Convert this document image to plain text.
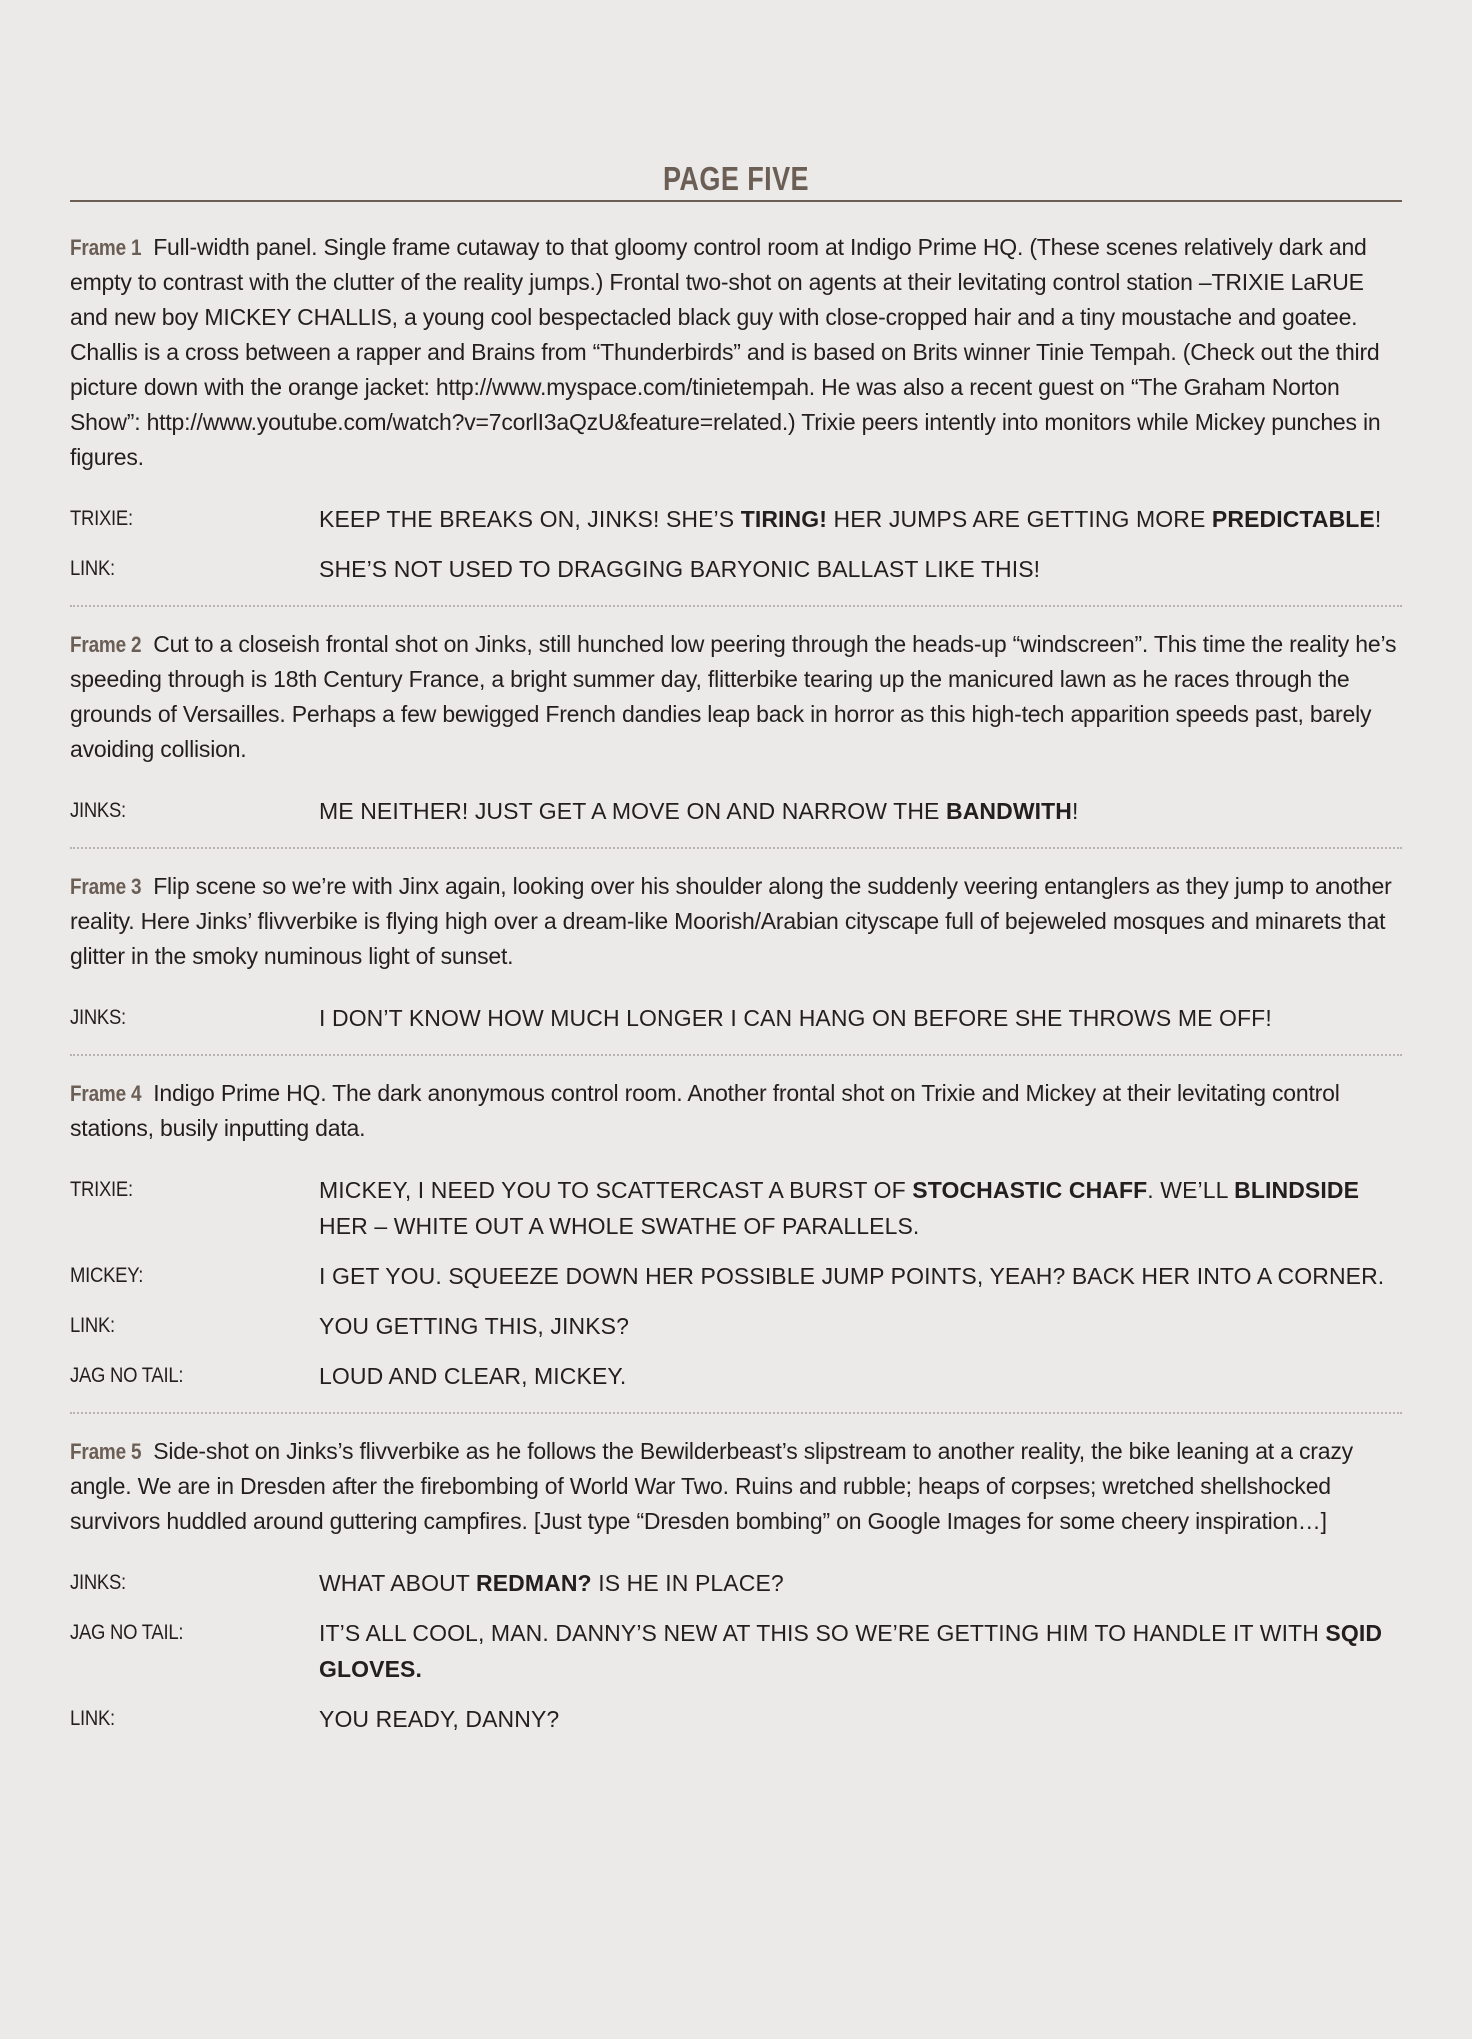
PAGE FIVE

Frame 1 Full-width panel. Single frame cutaway to that gloomy control room at Indigo Prime HQ. (These scenes relatively dark and empty to contrast with the clutter of the reality jumps.) Frontal two-shot on agents at their levitating control station –TRIXIE LaRUE and new boy MICKEY CHALLIS, a young cool bespectacled black guy with close-cropped hair and a tiny moustache and goatee. Challis is a cross between a rapper and Brains from “Thunderbirds” and is based on Brits winner Tinie Tempah. (Check out the third picture down with the orange jacket: http://www.myspace.com/tinietempah. He was also a recent guest on “The Graham Norton Show”: http://www.youtube.com/watch?v=7corlI3aQzU&feature=related.) Trixie peers intently into monitors while Mickey punches in figures.

TRIXIE:	KEEP THE BREAKS ON, JINKS! SHE’S TIRING! HER JUMPS ARE GETTING MORE PREDICTABLE!
LINK:	SHE’S NOT USED TO DRAGGING BARYONIC BALLAST LIKE THIS!

Frame 2 Cut to a closeish frontal shot on Jinks, still hunched low peering through the heads-up “windscreen”. This time the reality he’s speeding through is 18th Century France, a bright summer day, flitterbike tearing up the manicured lawn as he races through the grounds of Versailles. Perhaps a few bewigged French dandies leap back in horror as this high-tech apparition speeds past, barely avoiding collision.

JINKS:	ME NEITHER! JUST GET A MOVE ON AND NARROW THE BANDWITH!

Frame 3 Flip scene so we’re with Jinx again, looking over his shoulder along the suddenly veering entanglers as they jump to another reality. Here Jinks’ flivverbike is flying high over a dream-like Moorish/Arabian cityscape full of bejeweled mosques and minarets that glitter in the smoky numinous light of sunset.

JINKS:	I DON’T KNOW HOW MUCH LONGER I CAN HANG ON BEFORE SHE THROWS ME OFF!

Frame 4 Indigo Prime HQ. The dark anonymous control room. Another frontal shot on Trixie and Mickey at their levitating control stations, busily inputting data.

TRIXIE:	MICKEY, I NEED YOU TO SCATTERCAST A BURST OF STOCHASTIC CHAFF. WE’LL BLINDSIDE HER – WHITE OUT A WHOLE SWATHE OF PARALLELS.
MICKEY:	I GET YOU. SQUEEZE DOWN HER POSSIBLE JUMP POINTS, YEAH? BACK HER INTO A CORNER.
LINK:	YOU GETTING THIS, JINKS?
JAG NO TAIL:	LOUD AND CLEAR, MICKEY.

Frame 5 Side-shot on Jinks’s flivverbike as he follows the Bewilderbeast’s slipstream to another reality, the bike leaning at a crazy angle. We are in Dresden after the firebombing of World War Two. Ruins and rubble; heaps of corpses; wretched shellshocked survivors huddled around guttering campfires. [Just type “Dresden bombing” on Google Images for some cheery inspiration…]

JINKS:	WHAT ABOUT REDMAN? IS HE IN PLACE?
JAG NO TAIL:	IT’S ALL COOL, MAN. DANNY’S NEW AT THIS SO WE’RE GETTING HIM TO HANDLE IT WITH SQID GLOVES.
LINK:	YOU READY, DANNY?
